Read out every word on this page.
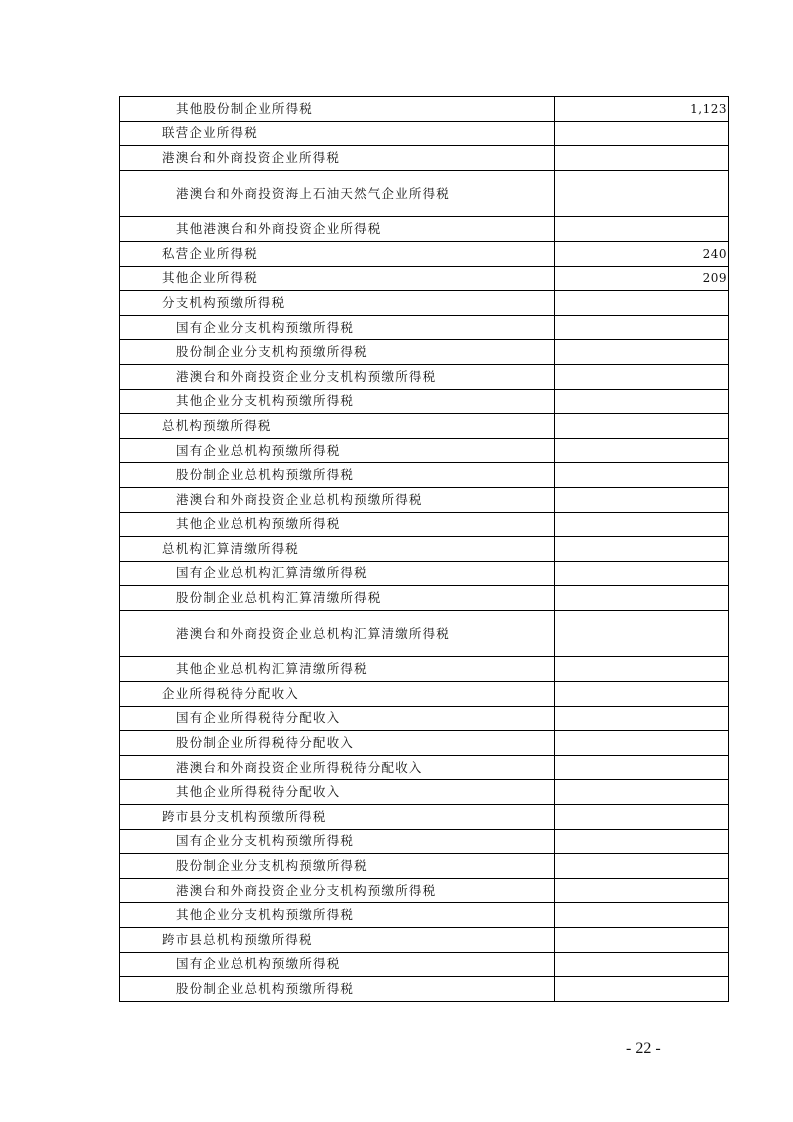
其他股份制企业所得税	1,123
联营企业所得税	
港澳台和外商投资企业所得税	
港澳台和外商投资海上石油天然气企业所得税	
其他港澳台和外商投资企业所得税	
私营企业所得税	240
其他企业所得税	209
分支机构预缴所得税	
国有企业分支机构预缴所得税	
股份制企业分支机构预缴所得税	
港澳台和外商投资企业分支机构预缴所得税	
其他企业分支机构预缴所得税	
总机构预缴所得税	
国有企业总机构预缴所得税	
股份制企业总机构预缴所得税	
港澳台和外商投资企业总机构预缴所得税	
其他企业总机构预缴所得税	
总机构汇算清缴所得税	
国有企业总机构汇算清缴所得税	
股份制企业总机构汇算清缴所得税	
港澳台和外商投资企业总机构汇算清缴所得税	
其他企业总机构汇算清缴所得税	
企业所得税待分配收入	
国有企业所得税待分配收入	
股份制企业所得税待分配收入	
港澳台和外商投资企业所得税待分配收入	
其他企业所得税待分配收入	
跨市县分支机构预缴所得税	
国有企业分支机构预缴所得税	
股份制企业分支机构预缴所得税	
港澳台和外商投资企业分支机构预缴所得税	
其他企业分支机构预缴所得税	
跨市县总机构预缴所得税	
国有企业总机构预缴所得税	
股份制企业总机构预缴所得税	
- 22 -
